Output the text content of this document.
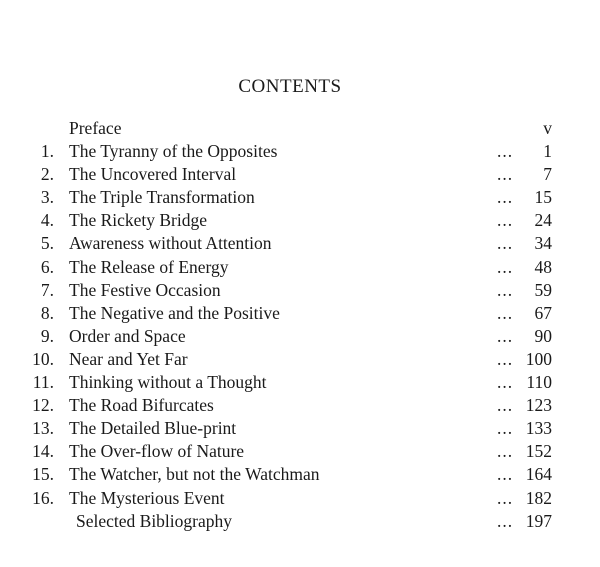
CONTENTS
Preface	v
1. The Tyranny of the Opposites	... 1
2. The Uncovered Interval	... 7
3. The Triple Transformation	... 15
4. The Rickety Bridge	... 24
5. Awareness without Attention	... 34
6. The Release of Energy	... 48
7. The Festive Occasion	... 59
8. The Negative and the Positive	... 67
9. Order and Space	... 90
10. Near and Yet Far	... 100
11. Thinking without a Thought	... 110
12. The Road Bifurcates	... 123
13. The Detailed Blue-print	... 133
14. The Over-flow of Nature	... 152
15. The Watcher, but not the Watchman	... 164
16. The Mysterious Event	... 182
Selected Bibliography	... 197
